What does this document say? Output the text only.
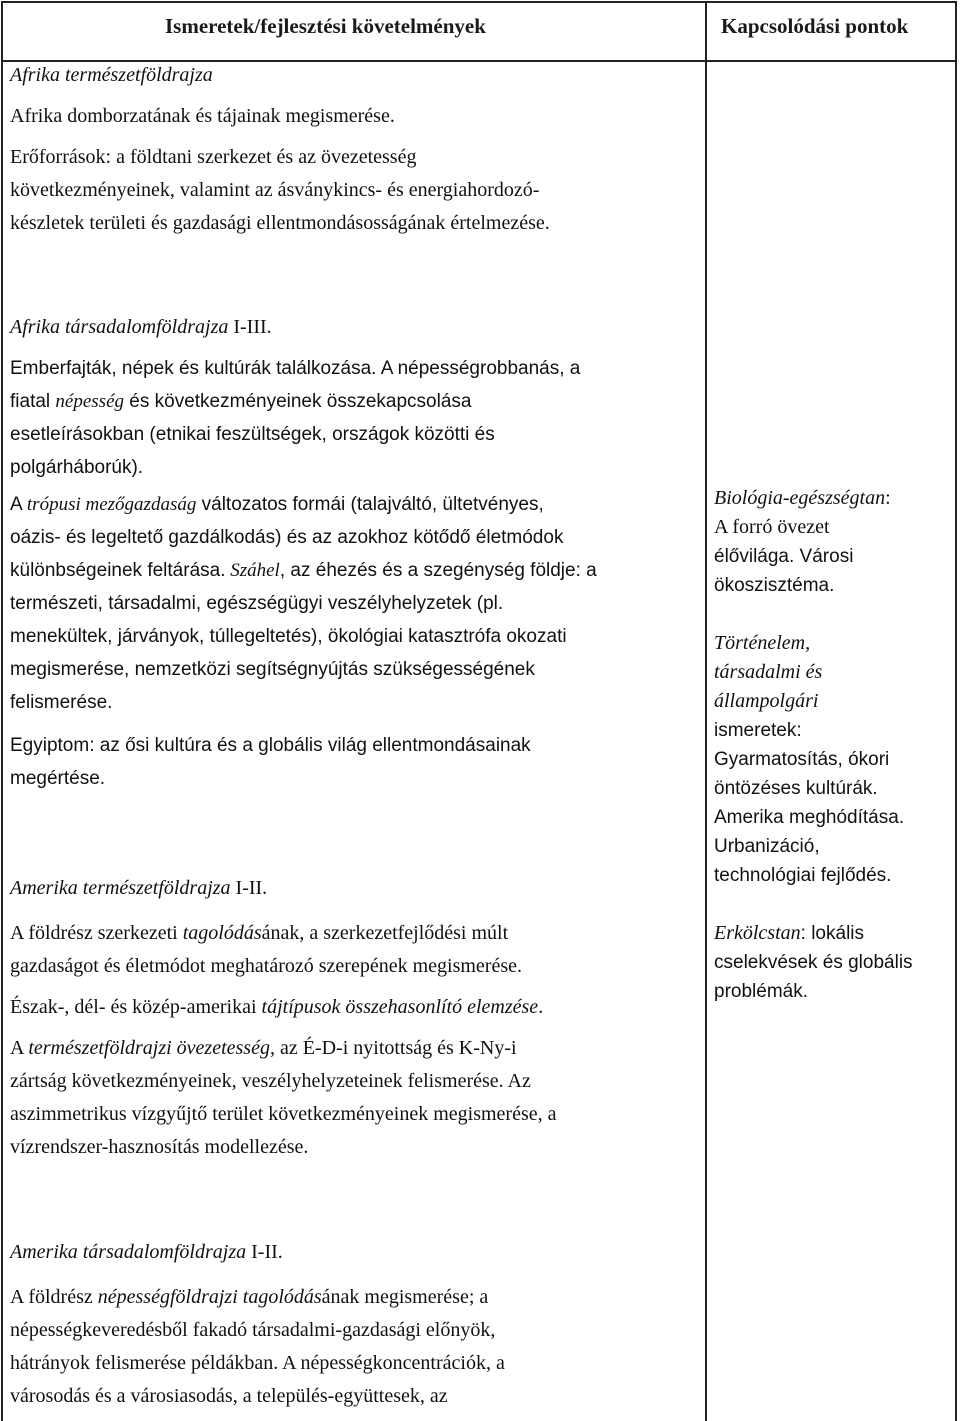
Ismeretek/fejlesztési követelmények	Kapcsolódási pontok

Afrika természetföldrajza

Afrika domborzatának és tájainak megismerése.

Erőforrások: a földtani szerkezet és az övezetesség

következményeinek, valamint az ásványkincs- és energiahordozó-

készletek területi és gazdasági ellentmondásosságának értelmezése.

Afrika társadalomföldrajza I-III.

Emberfajták, népek és kultúrák találkozása. A népességrobbanás, a

fiatal népesség és következményeinek összekapcsolása

esetleírásokban (etnikai feszültségek, országok közötti és

polgárháborúk).

A trópusi mezőgazdaság változatos formái (talajváltó, ültetvényes,

oázis- és legeltető gazdálkodás) és az azokhoz kötődő életmódok

különbségeinek feltárása. Száhel, az éhezés és a szegénység földje: a

természeti, társadalmi, egészségügyi veszélyhelyzetek (pl.

menekültek, járványok, túllegeltetés), ökológiai katasztrófa okozati

megismerése, nemzetközi segítségnyújtás szükségességének

felismerése.

Egyiptom: az ősi kultúra és a globális világ ellentmondásainak

megértése.

Amerika természetföldrajza I-II.

A földrész szerkezeti tagolódásának, a szerkezetfejlődési múlt

gazdaságot és életmódot meghatározó szerepének megismerése.

Észak-, dél- és közép-amerikai tájtípusok összehasonlító elemzése.

A természetföldrajzi övezetesség, az É-D-i nyitottság és K-Ny-i

zártság következményeinek, veszélyhelyzeteinek felismerése. Az

aszimmetrikus vízgyűjtő terület következményeinek megismerése, a

vízrendszer-hasznosítás modellezése.

Amerika társadalomföldrajza I-II.

A földrész népességföldrajzi tagolódásának megismerése; a

népességkeveredésből fakadó társadalmi-gazdasági előnyök,

hátrányok felismerése példákban. A népességkoncentrációk, a

városodás és a városiasodás, a település-együttesek, az

Biológia-egészségtan:

A forró övezet

élővilága. Városi

ökoszisztéma.

Történelem,

társadalmi és

állampolgári

ismeretek:

Gyarmatosítás, ókori

öntözéses kultúrák.

Amerika meghódítása.

Urbanizáció,

technológiai fejlődés.

Erkölcstan: lokális

cselekvések és globális

problémák.
